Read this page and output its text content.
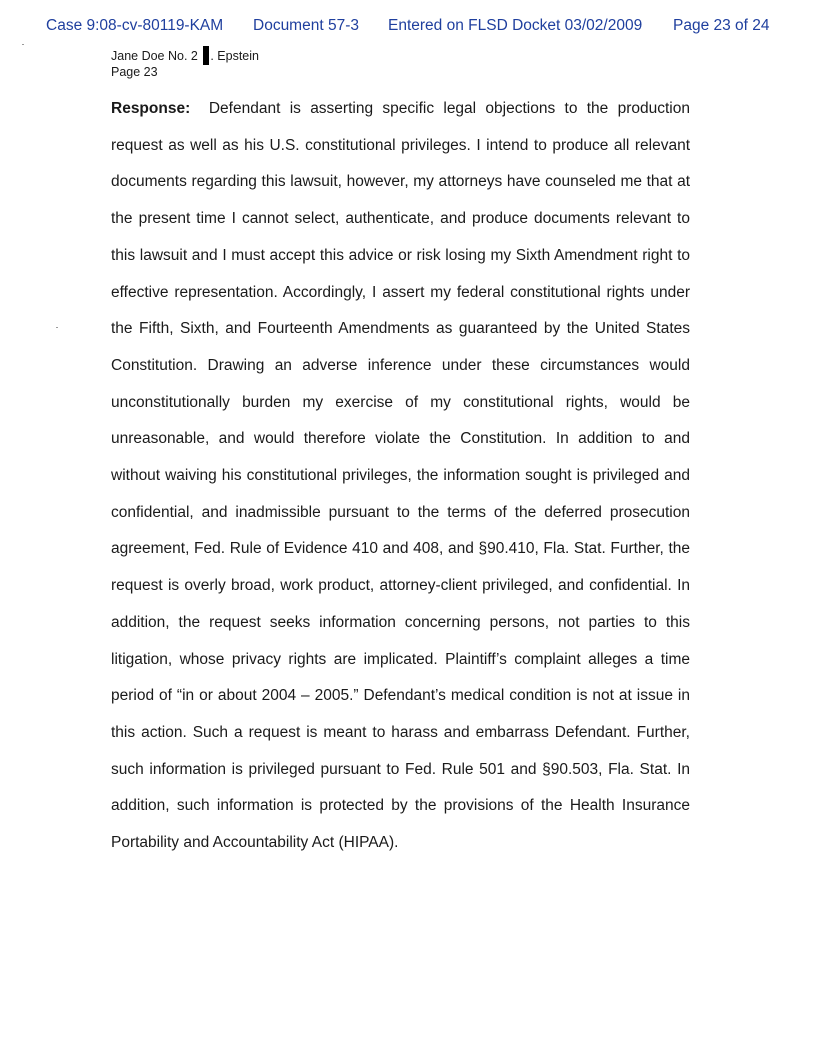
Case 9:08-cv-80119-KAM Document 57-3 Entered on FLSD Docket 03/02/2009 Page 23 of 24
Jane Doe No. 2 . Epstein
Page 23

Response: Defendant is asserting specific legal objections to the production request as well as his U.S. constitutional privileges. I intend to produce all relevant documents regarding this lawsuit, however, my attorneys have counseled me that at the present time I cannot select, authenticate, and produce documents relevant to this lawsuit and I must accept this advice or risk losing my Sixth Amendment right to effective representation. Accordingly, I assert my federal constitutional rights under the Fifth, Sixth, and Fourteenth Amendments as guaranteed by the United States Constitution. Drawing an adverse inference under these circumstances would unconstitutionally burden my exercise of my constitutional rights, would be unreasonable, and would therefore violate the Constitution. In addition to and without waiving his constitutional privileges, the information sought is privileged and confidential, and inadmissible pursuant to the terms of the deferred prosecution agreement, Fed. Rule of Evidence 410 and 408, and §90.410, Fla. Stat. Further, the request is overly broad, work product, attorney-client privileged, and confidential. In addition, the request seeks information concerning persons, not parties to this litigation, whose privacy rights are implicated. Plaintiff’s complaint alleges a time period of “in or about 2004 – 2005.” Defendant’s medical condition is not at issue in this action. Such a request is meant to harass and embarrass Defendant. Further, such information is privileged pursuant to Fed. Rule 501 and §90.503, Fla. Stat. In addition, such information is protected by the provisions of the Health Insurance Portability and Accountability Act (HIPAA).
